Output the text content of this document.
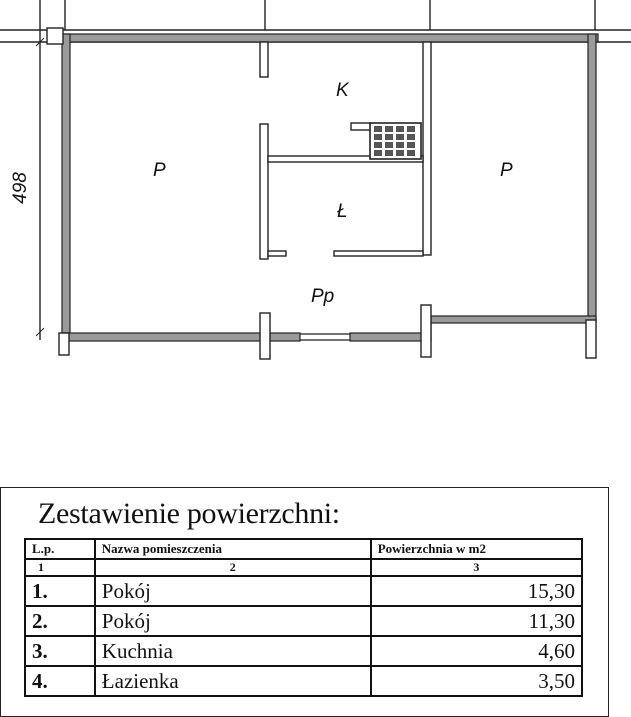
498
P
K
Ł
P
Pp
Zestawienie powierzchni:
L.p.	Nazwa pomieszczenia	Powierzchnia w m2
1	2	3
1.	Pokój	15,30
2.	Pokój	11,30
3.	Kuchnia	4,60
4.	Łazienka	3,50
